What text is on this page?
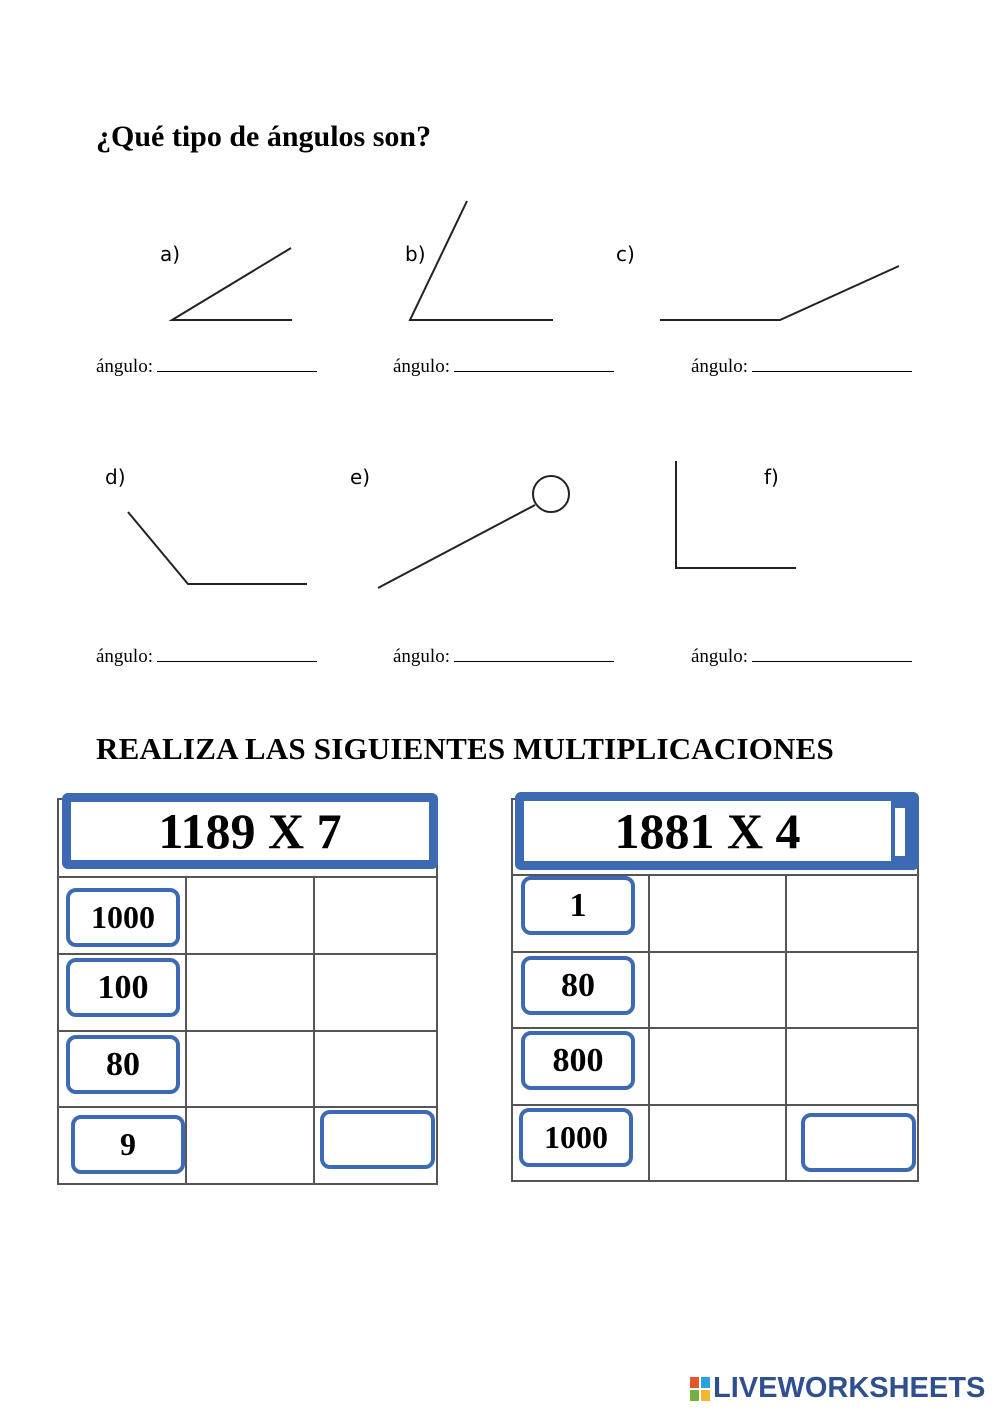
¿Qué tipo de ángulos son?
a)	b)	c)
d)	e)	f)
ángulo:	ángulo:	ángulo:
ángulo:	ángulo:	ángulo:
REALIZA LAS SIGUIENTES MULTIPLICACIONES

1189 X 7
1000
100
80
9

1881 X 4
1
80
800
1000
LIVEWORKSHEETS
